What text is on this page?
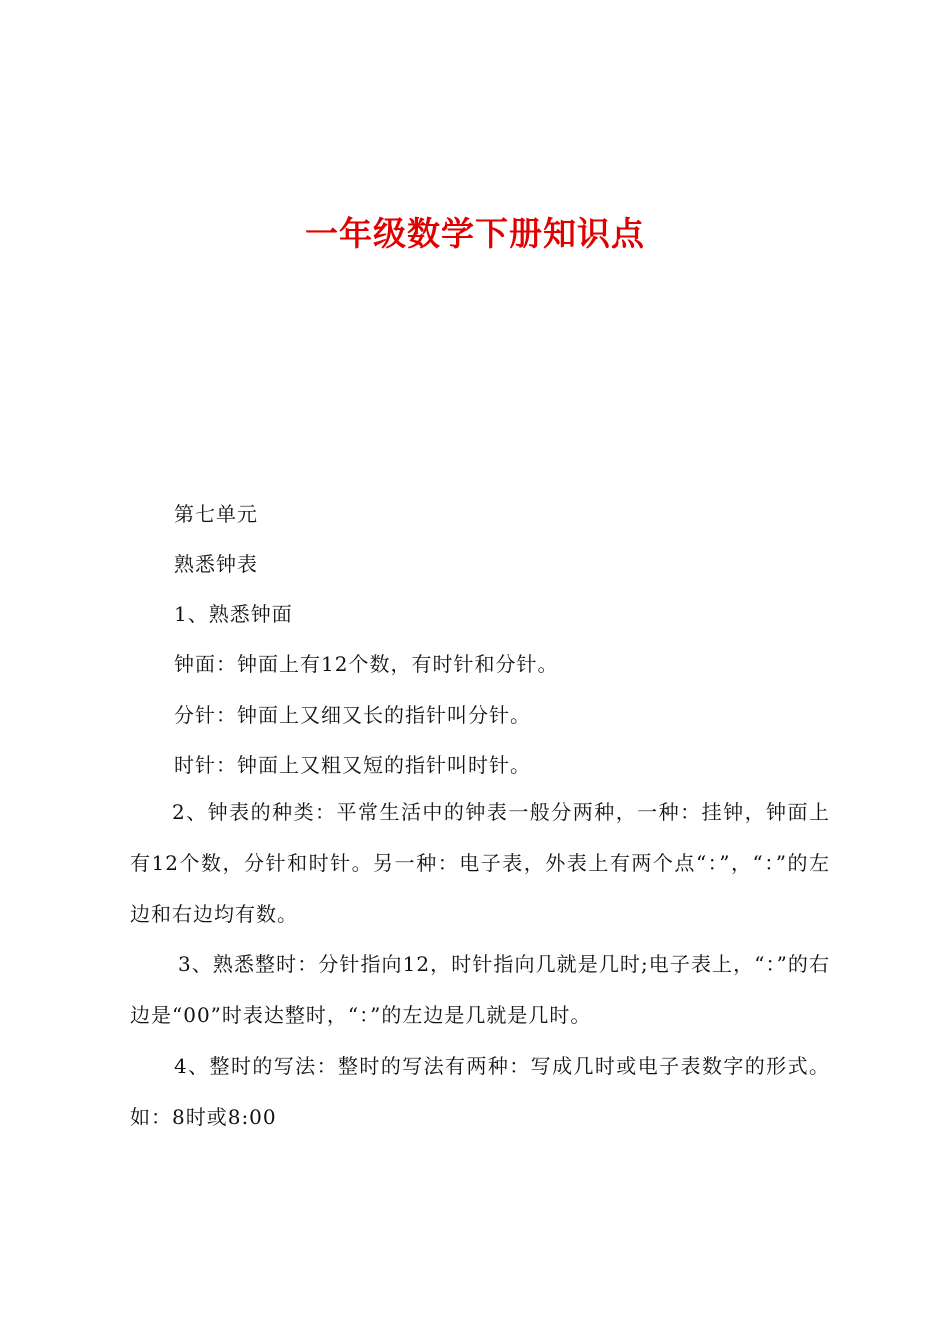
一年级数学下册知识点
第七单元
熟悉钟表
1、熟悉钟面
钟面：钟面上有12个数，有时针和分针。
分针：钟面上又细又长的指针叫分针。
时针：钟面上又粗又短的指针叫时针。
2、钟表的种类：平常生活中的钟表一般分两种，一种：挂钟，钟面上有12个数，分针和时针。另一种：电子表，外表上有两个点“：”，“：”的左边和右边均有数。
3、熟悉整时：分针指向12，时针指向几就是几时;电子表上，“：”的右边是“00”时表达整时，“：”的左边是几就是几时。
4、整时的写法：整时的写法有两种：写成几时或电子表数字的形式。如：8时或8:00
